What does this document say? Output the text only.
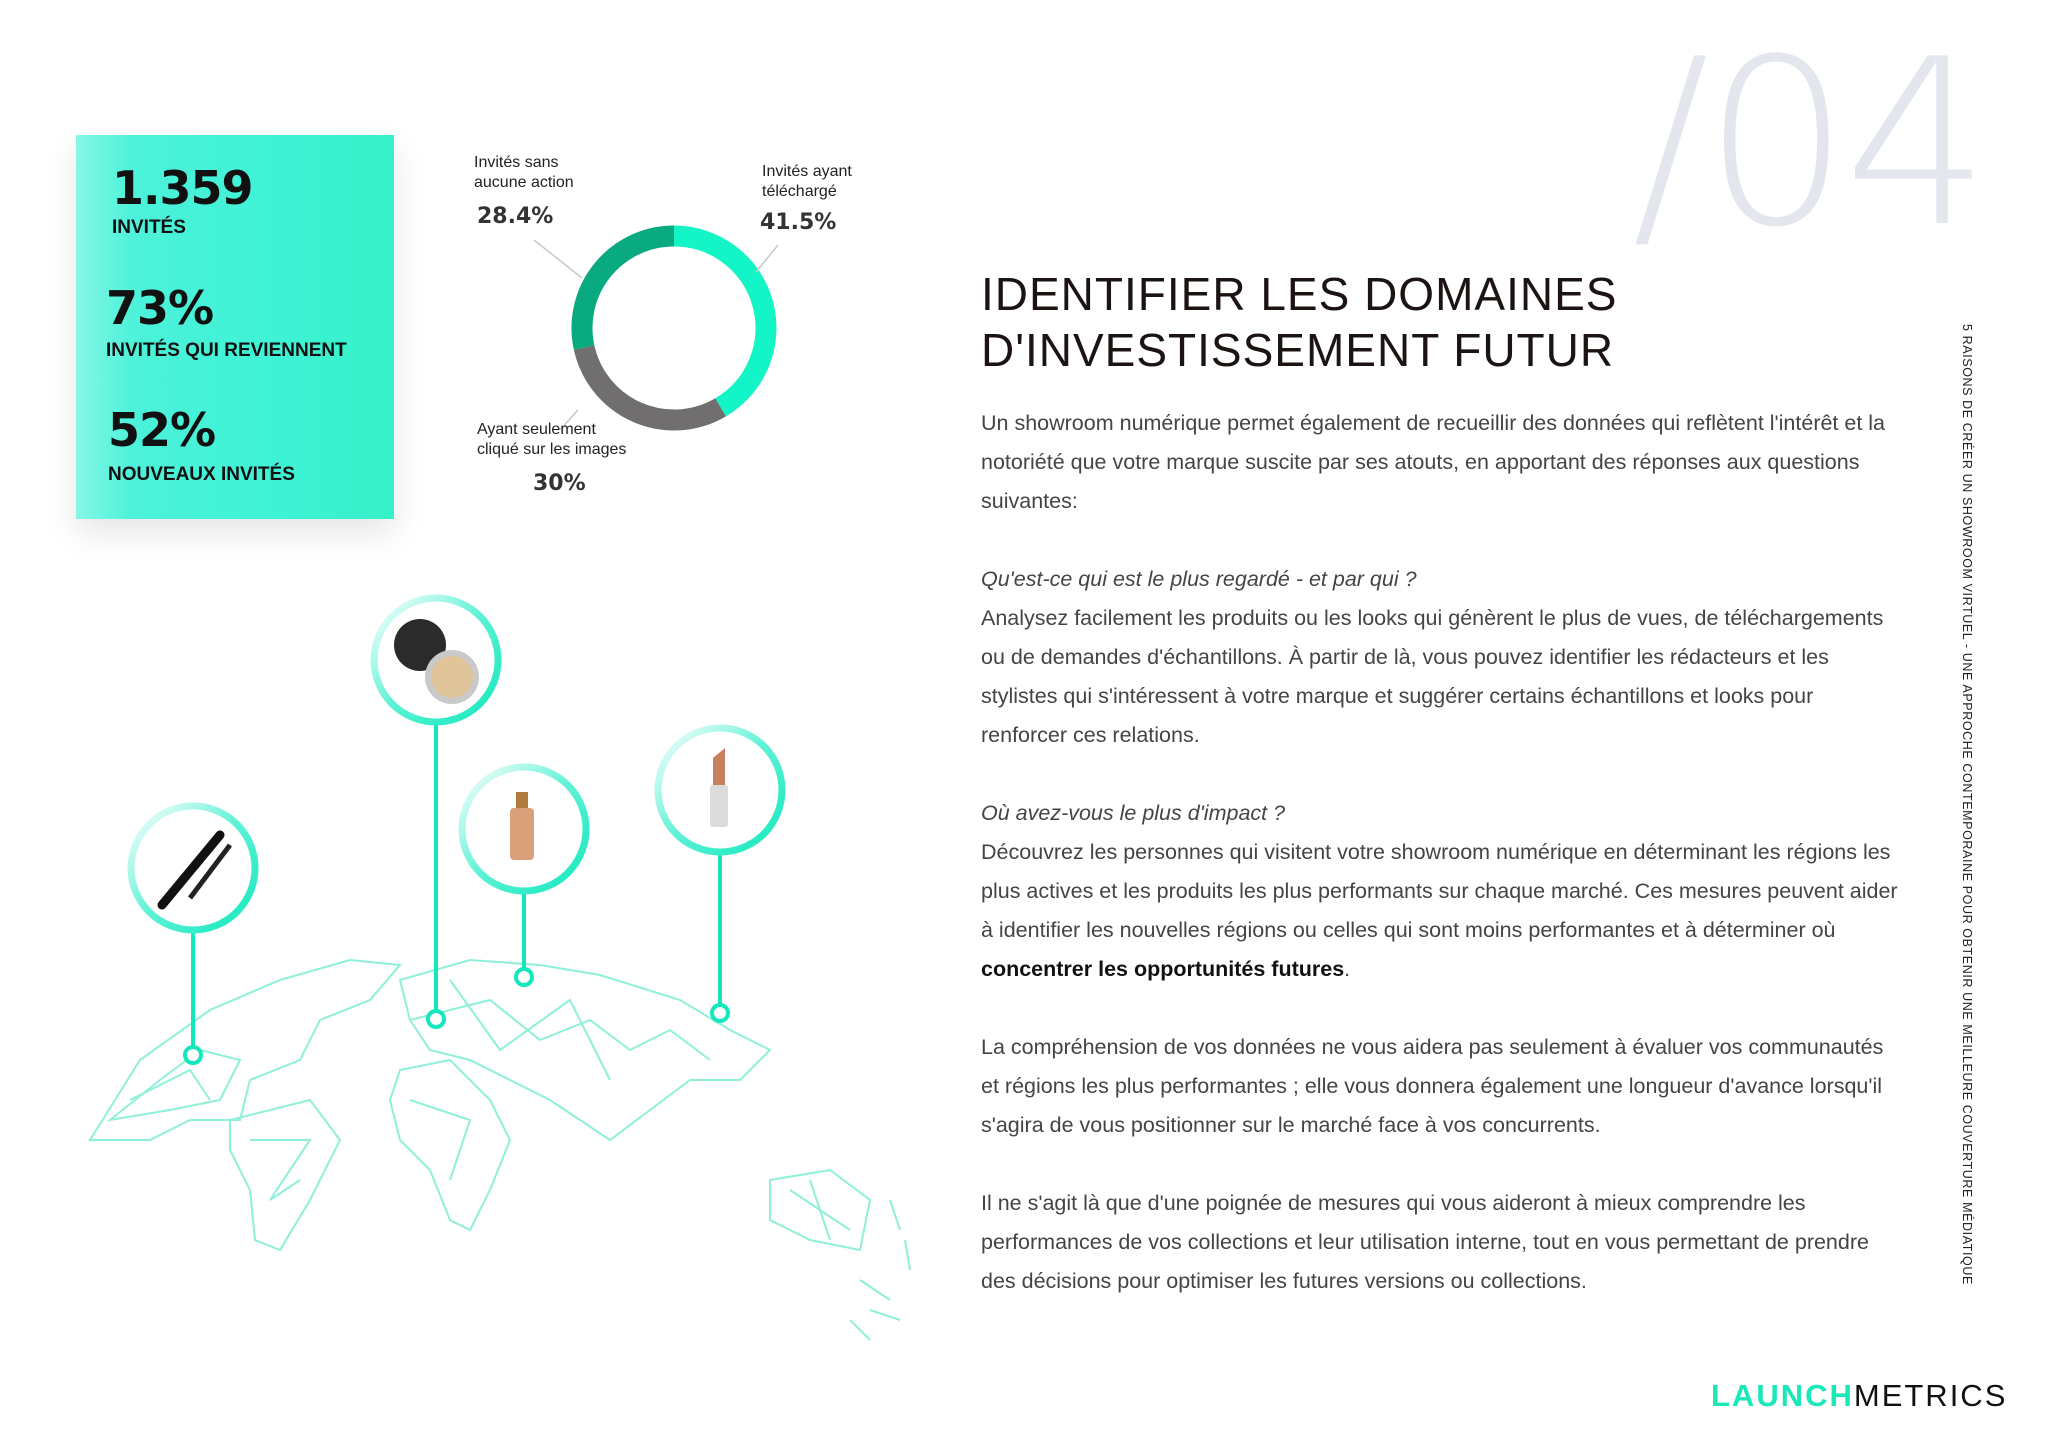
/04
1.359
INVITÉS
73%
INVITÉS QUI REVIENNENT
52%
NOUVEAUX INVITÉS
Invités sans
aucune action
28.4%
Invités ayant
téléchargé
41.5%
Ayant seulement
cliqué sur les images
30%
IDENTIFIER LES DOMAINES
D'INVESTISSEMENT FUTUR

Un showroom numérique permet également de recueillir des données qui reflètent l'intérêt et la notoriété que votre marque suscite par ses atouts, en apportant des réponses aux questions suivantes:

Qu'est-ce qui est le plus regardé - et par qui ?
Analysez facilement les produits ou les looks qui génèrent le plus de vues, de téléchargements ou de demandes d'échantillons. À partir de là, vous pouvez identifier les rédacteurs et les stylistes qui s'intéressent à votre marque et suggérer certains échantillons et looks pour renforcer ces relations.

Où avez-vous le plus d'impact ?
Découvrez les personnes qui visitent votre showroom numérique en déterminant les régions les plus actives et les produits les plus performants sur chaque marché. Ces mesures peuvent aider à identifier les nouvelles régions ou celles qui sont moins performantes et à déterminer où concentrer les opportunités futures.

La compréhension de vos données ne vous aidera pas seulement à évaluer vos communautés et régions les plus performantes ; elle vous donnera également une longueur d'avance lorsqu'il s'agira de vous positionner sur le marché face à vos concurrents.

Il ne s'agit là que d'une poignée de mesures qui vous aideront à mieux comprendre les performances de vos collections et leur utilisation interne, tout en vous permettant de prendre des décisions pour optimiser les futures versions ou collections.	5 RAISONS DE CRÉER UN SHOWROOM VIRTUEL - UNE APPROCHE CONTEMPORAINE POUR OBTENIR UNE MEILLEURE COUVERTURE MÉDIATIQUE
LAUNCHMETRICS
